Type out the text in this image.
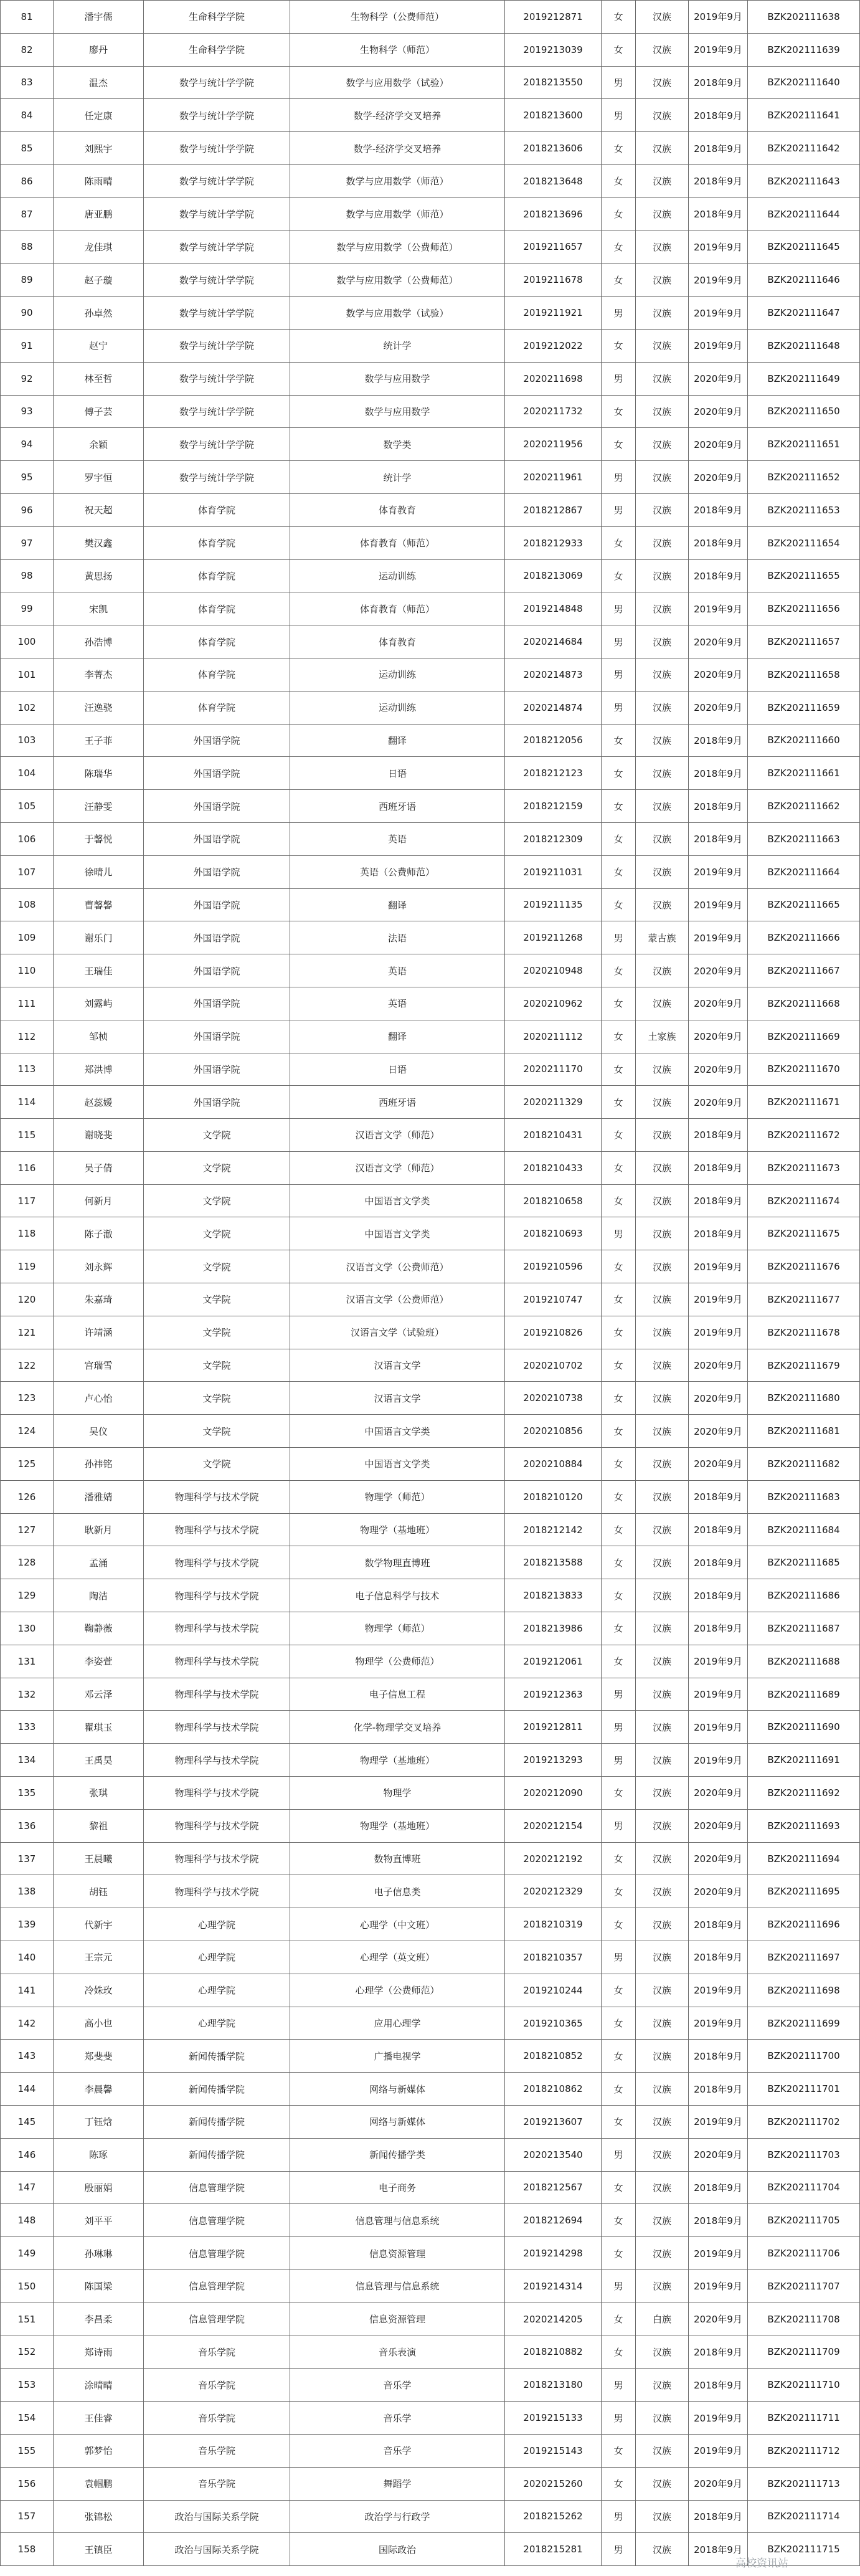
81	潘宇儒	生命科学学院	生物科学（公费师范）	2019212871	女	汉族	2019年9月	BZK202111638
82	廖丹	生命科学学院	生物科学（师范）	2019213039	女	汉族	2019年9月	BZK202111639
83	温杰	数学与统计学学院	数学与应用数学（试验）	2018213550	男	汉族	2018年9月	BZK202111640
84	任定康	数学与统计学学院	数学-经济学交叉培养	2018213600	男	汉族	2018年9月	BZK202111641
85	刘熙宇	数学与统计学学院	数学-经济学交叉培养	2018213606	女	汉族	2018年9月	BZK202111642
86	陈雨晴	数学与统计学学院	数学与应用数学（师范）	2018213648	女	汉族	2018年9月	BZK202111643
87	唐亚鹏	数学与统计学学院	数学与应用数学（师范）	2018213696	女	汉族	2018年9月	BZK202111644
88	龙佳琪	数学与统计学学院	数学与应用数学（公费师范）	2019211657	女	汉族	2019年9月	BZK202111645
89	赵子璇	数学与统计学学院	数学与应用数学（公费师范）	2019211678	女	汉族	2019年9月	BZK202111646
90	孙卓然	数学与统计学学院	数学与应用数学（试验）	2019211921	男	汉族	2019年9月	BZK202111647
91	赵宁	数学与统计学学院	统计学	2019212022	女	汉族	2019年9月	BZK202111648
92	林至哲	数学与统计学学院	数学与应用数学	2020211698	男	汉族	2020年9月	BZK202111649
93	傅子芸	数学与统计学学院	数学与应用数学	2020211732	女	汉族	2020年9月	BZK202111650
94	余颖	数学与统计学学院	数学类	2020211956	女	汉族	2020年9月	BZK202111651
95	罗宇恒	数学与统计学学院	统计学	2020211961	男	汉族	2020年9月	BZK202111652
96	祝天超	体育学院	体育教育	2018212867	男	汉族	2018年9月	BZK202111653
97	樊汉鑫	体育学院	体育教育（师范）	2018212933	女	汉族	2018年9月	BZK202111654
98	黄思扬	体育学院	运动训练	2018213069	女	汉族	2018年9月	BZK202111655
99	宋凯	体育学院	体育教育（师范）	2019214848	男	汉族	2019年9月	BZK202111656
100	孙浩博	体育学院	体育教育	2020214684	男	汉族	2020年9月	BZK202111657
101	李菁杰	体育学院	运动训练	2020214873	男	汉族	2020年9月	BZK202111658
102	汪逸骁	体育学院	运动训练	2020214874	男	汉族	2020年9月	BZK202111659
103	王子菲	外国语学院	翻译	2018212056	女	汉族	2018年9月	BZK202111660
104	陈瑞华	外国语学院	日语	2018212123	女	汉族	2018年9月	BZK202111661
105	汪静雯	外国语学院	西班牙语	2018212159	女	汉族	2018年9月	BZK202111662
106	于馨悦	外国语学院	英语	2018212309	女	汉族	2018年9月	BZK202111663
107	徐晴儿	外国语学院	英语（公费师范）	2019211031	女	汉族	2019年9月	BZK202111664
108	曹馨馨	外国语学院	翻译	2019211135	女	汉族	2019年9月	BZK202111665
109	谢乐门	外国语学院	法语	2019211268	男	蒙古族	2019年9月	BZK202111666
110	王瑞佳	外国语学院	英语	2020210948	女	汉族	2020年9月	BZK202111667
111	刘露屿	外国语学院	英语	2020210962	女	汉族	2020年9月	BZK202111668
112	邹桢	外国语学院	翻译	2020211112	女	土家族	2020年9月	BZK202111669
113	郑洪博	外国语学院	日语	2020211170	女	汉族	2020年9月	BZK202111670
114	赵蕊媛	外国语学院	西班牙语	2020211329	女	汉族	2020年9月	BZK202111671
115	谢晓斐	文学院	汉语言文学（师范）	2018210431	女	汉族	2018年9月	BZK202111672
116	吴子倩	文学院	汉语言文学（师范）	2018210433	女	汉族	2018年9月	BZK202111673
117	何新月	文学院	中国语言文学类	2018210658	女	汉族	2018年9月	BZK202111674
118	陈子澈	文学院	中国语言文学类	2018210693	男	汉族	2018年9月	BZK202111675
119	刘永辉	文学院	汉语言文学（公费师范）	2019210596	女	汉族	2019年9月	BZK202111676
120	朱嘉琦	文学院	汉语言文学（公费师范）	2019210747	女	汉族	2019年9月	BZK202111677
121	许靖涵	文学院	汉语言文学（试验班）	2019210826	女	汉族	2019年9月	BZK202111678
122	宫瑞雪	文学院	汉语言文学	2020210702	女	汉族	2020年9月	BZK202111679
123	卢心怡	文学院	汉语言文学	2020210738	女	汉族	2020年9月	BZK202111680
124	吴仪	文学院	中国语言文学类	2020210856	女	汉族	2020年9月	BZK202111681
125	孙祎铭	文学院	中国语言文学类	2020210884	女	汉族	2020年9月	BZK202111682
126	潘雅婧	物理科学与技术学院	物理学（师范）	2018210120	女	汉族	2018年9月	BZK202111683
127	耿新月	物理科学与技术学院	物理学（基地班）	2018212142	女	汉族	2018年9月	BZK202111684
128	孟涌	物理科学与技术学院	数学物理直博班	2018213588	女	汉族	2018年9月	BZK202111685
129	陶洁	物理科学与技术学院	电子信息科学与技术	2018213833	女	汉族	2018年9月	BZK202111686
130	鞠静薇	物理科学与技术学院	物理学（师范）	2018213986	女	汉族	2018年9月	BZK202111687
131	李姿萱	物理科学与技术学院	物理学（公费师范）	2019212061	女	汉族	2019年9月	BZK202111688
132	邓云泽	物理科学与技术学院	电子信息工程	2019212363	男	汉族	2019年9月	BZK202111689
133	瞿琪玉	物理科学与技术学院	化学-物理学交叉培养	2019212811	男	汉族	2019年9月	BZK202111690
134	王禹昊	物理科学与技术学院	物理学（基地班）	2019213293	男	汉族	2019年9月	BZK202111691
135	张琪	物理科学与技术学院	物理学	2020212090	女	汉族	2020年9月	BZK202111692
136	黎祖	物理科学与技术学院	物理学（基地班）	2020212154	男	汉族	2020年9月	BZK202111693
137	王晨曦	物理科学与技术学院	数物直博班	2020212192	女	汉族	2020年9月	BZK202111694
138	胡钰	物理科学与技术学院	电子信息类	2020212329	女	汉族	2020年9月	BZK202111695
139	代新宇	心理学院	心理学（中文班）	2018210319	女	汉族	2018年9月	BZK202111696
140	王宗元	心理学院	心理学（英文班）	2018210357	男	汉族	2018年9月	BZK202111697
141	冷姝玫	心理学院	心理学（公费师范）	2019210244	女	汉族	2019年9月	BZK202111698
142	高小也	心理学院	应用心理学	2019210365	女	汉族	2019年9月	BZK202111699
143	郑斐斐	新闻传播学院	广播电视学	2018210852	女	汉族	2018年9月	BZK202111700
144	李晨馨	新闻传播学院	网络与新媒体	2018210862	女	汉族	2018年9月	BZK202111701
145	丁钰焓	新闻传播学院	网络与新媒体	2019213607	女	汉族	2019年9月	BZK202111702
146	陈琢	新闻传播学院	新闻传播学类	2020213540	男	汉族	2020年9月	BZK202111703
147	殷丽娟	信息管理学院	电子商务	2018212567	女	汉族	2018年9月	BZK202111704
148	刘平平	信息管理学院	信息管理与信息系统	2018212694	女	汉族	2018年9月	BZK202111705
149	孙琳琳	信息管理学院	信息资源管理	2019214298	女	汉族	2019年9月	BZK202111706
150	陈国梁	信息管理学院	信息管理与信息系统	2019214314	男	汉族	2019年9月	BZK202111707
151	李昌柔	信息管理学院	信息资源管理	2020214205	女	白族	2020年9月	BZK202111708
152	郑诗雨	音乐学院	音乐表演	2018210882	女	汉族	2018年9月	BZK202111709
153	涂晴晴	音乐学院	音乐学	2018213180	男	汉族	2018年9月	BZK202111710
154	王佳睿	音乐学院	音乐学	2019215133	男	汉族	2019年9月	BZK202111711
155	郭梦怡	音乐学院	音乐学	2019215143	女	汉族	2019年9月	BZK202111712
156	袁帼鹏	音乐学院	舞蹈学	2020215260	女	汉族	2020年9月	BZK202111713
157	张锦松	政治与国际关系学院	政治学与行政学	2018215262	男	汉族	2018年9月	BZK202111714
158	王镇臣	政治与国际关系学院	国际政治	2018215281	男	汉族	2018年9月	BZK202111715
高校资讯站
